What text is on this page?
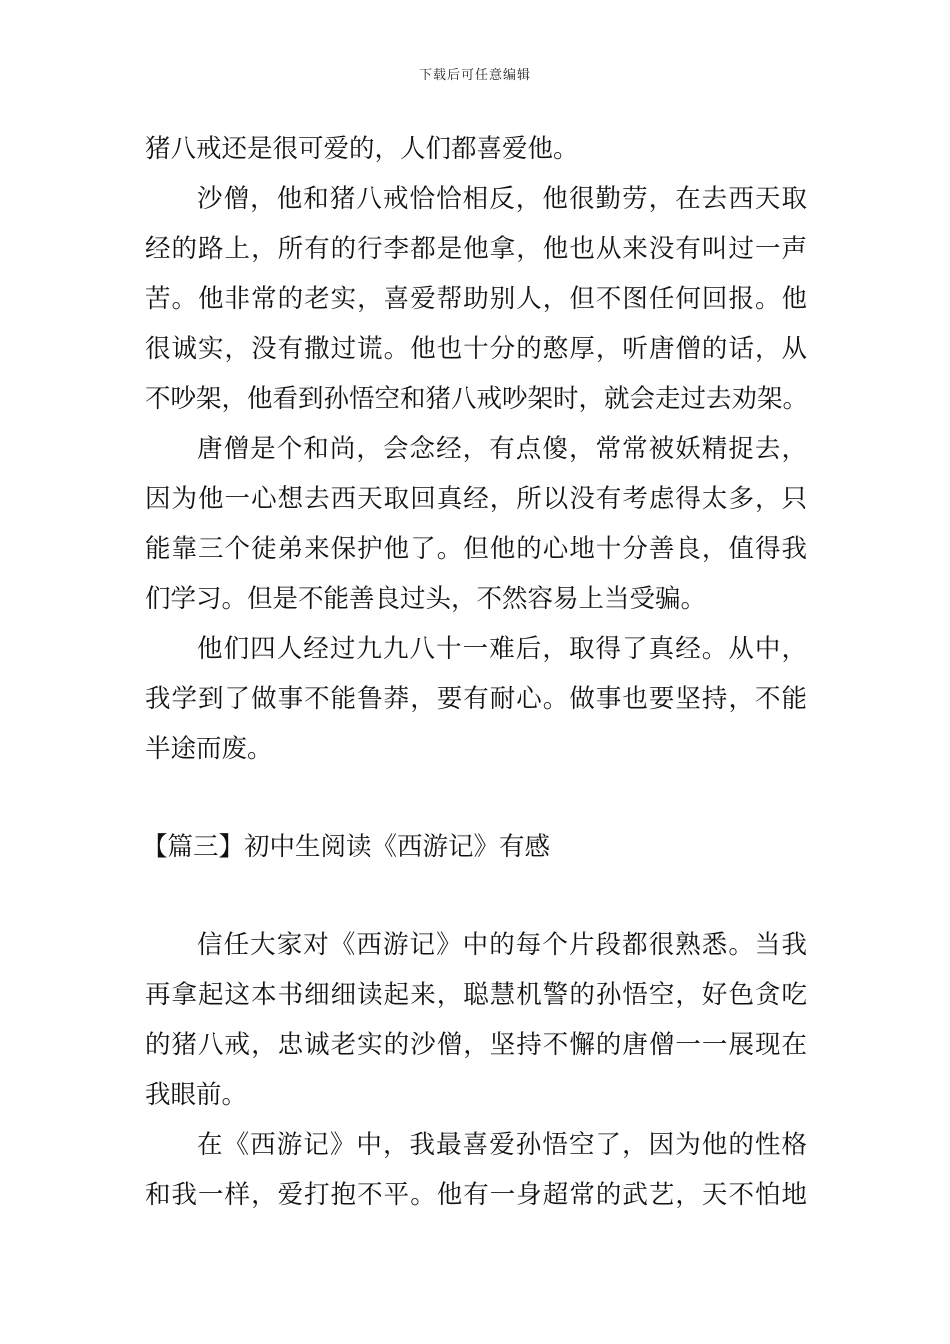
下载后可任意编辑
猪八戒还是很可爱的，人们都喜爱他。
沙僧，他和猪八戒恰恰相反，他很勤劳，在去西天取
经的路上，所有的行李都是他拿，他也从来没有叫过一声
苦。他非常的老实，喜爱帮助别人，但不图任何回报。他
很诚实，没有撒过谎。他也十分的憨厚，听唐僧的话，从
不吵架，他看到孙悟空和猪八戒吵架时，就会走过去劝架。
唐僧是个和尚，会念经，有点傻，常常被妖精捉去，
因为他一心想去西天取回真经，所以没有考虑得太多，只
能靠三个徒弟来保护他了。但他的心地十分善良，值得我
们学习。但是不能善良过头，不然容易上当受骗。
他们四人经过九九八十一难后，取得了真经。从中，
我学到了做事不能鲁莽，要有耐心。做事也要坚持，不能
半途而废。
【篇三】初中生阅读《西游记》有感
信任大家对《西游记》中的每个片段都很熟悉。当我
再拿起这本书细细读起来，聪慧机警的孙悟空，好色贪吃
的猪八戒，忠诚老实的沙僧，坚持不懈的唐僧一一展现在
我眼前。
在《西游记》中，我最喜爱孙悟空了，因为他的性格
和我一样，爱打抱不平。他有一身超常的武艺，天不怕地
